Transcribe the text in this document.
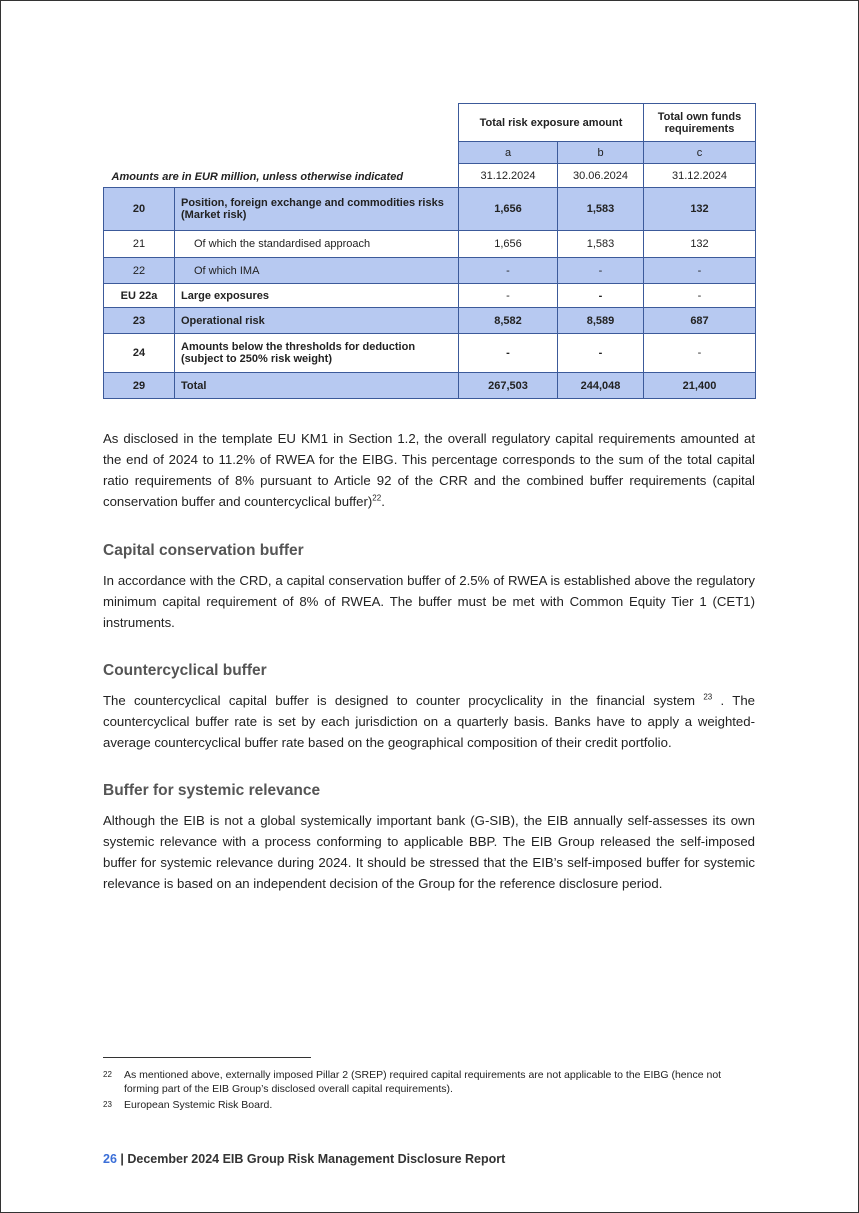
		Total risk exposure amount		Total own funds requirements
		a	b	c
Amounts are in EUR million, unless otherwise indicated		31.12.2024	30.06.2024	31.12.2024
20	Position, foreign exchange and commodities risks (Market risk)	1,656	1,583	132
21	Of which the standardised approach	1,656	1,583	132
22	Of which IMA	-	-	-
EU 22a	Large exposures	-	-	-
23	Operational risk	8,582	8,589	687
24	Amounts below the thresholds for deduction (subject to 250% risk weight)	-	-	-
29	Total	267,503	244,048	21,400

As disclosed in the template EU KM1 in Section 1.2, the overall regulatory capital requirements amounted at the end of 2024 to 11.2% of RWEA for the EIBG. This percentage corresponds to the sum of the total capital ratio requirements of 8% pursuant to Article 92 of the CRR and the combined buffer requirements (capital conservation buffer and countercyclical buffer)$^{22}$.

Capital conservation buffer

In accordance with the CRD, a capital conservation buffer of 2.5% of RWEA is established above the regulatory minimum capital requirement of 8% of RWEA. The buffer must be met with Common Equity Tier 1 (CET1) instruments.

Countercyclical buffer

The countercyclical capital buffer is designed to counter procyclicality in the financial system $^{23}$ . The countercyclical buffer rate is set by each jurisdiction on a quarterly basis. Banks have to apply a weighted-average countercyclical buffer rate based on the geographical composition of their credit portfolio.

Buffer for systemic relevance

Although the EIB is not a global systemically important bank (G-SIB), the EIB annually self-assesses its own systemic relevance with a process conforming to applicable BBP. The EIB Group released the self-imposed buffer for systemic relevance during 2024. It should be stressed that the EIB’s self-imposed buffer for systemic relevance is based on an independent decision of the Group for the reference disclosure period.

22 As mentioned above, externally imposed Pillar 2 (SREP) required capital requirements are not applicable to the EIBG (hence not forming part of the EIB Group’s disclosed overall capital requirements).
23 European Systemic Risk Board.
26 | December 2024 EIB Group Risk Management Disclosure Report
